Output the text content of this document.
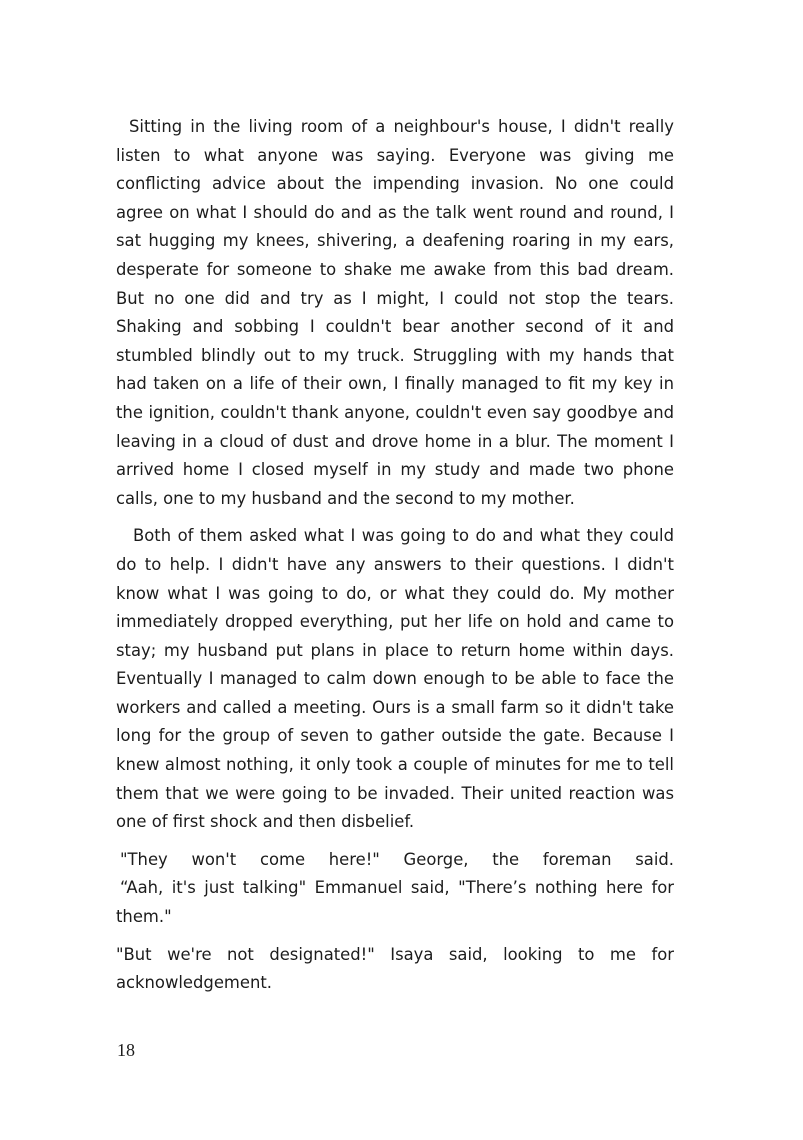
Sitting in the living room of a neighbour's house, I didn't really listen to what anyone was saying. Everyone was giving me conflicting advice about the impending invasion. No one could agree on what I should do and as the talk went round and round, I sat hugging my knees, shivering, a deafening roaring in my ears, desperate for someone to shake me awake from this bad dream. But no one did and try as I might, I could not stop the tears. Shaking and sobbing I couldn't bear another second of it and stumbled blindly out to my truck. Struggling with my hands that had taken on a life of their own, I finally managed to fit my key in the ignition, couldn't thank anyone, couldn't even say goodbye and leaving in a cloud of dust and drove home in a blur. The moment I arrived home I closed myself in my study and made two phone calls, one to my husband and the second to my mother.

Both of them asked what I was going to do and what they could do to help. I didn't have any answers to their questions. I didn't know what I was going to do, or what they could do. My mother immediately dropped everything, put her life on hold and came to stay; my husband put plans in place to return home within days. Eventually I managed to calm down enough to be able to face the workers and called a meeting. Ours is a small farm so it didn't take long for the group of seven to gather outside the gate. Because I knew almost nothing, it only took a couple of minutes for me to tell them that we were going to be invaded. Their united reaction was one of first shock and then disbelief.

"They won't come here!" George, the foreman said.
“Aah, it's just talking" Emmanuel said, "There’s nothing here for them."

"But we're not designated!" Isaya said, looking to me for acknowledgement.

18
